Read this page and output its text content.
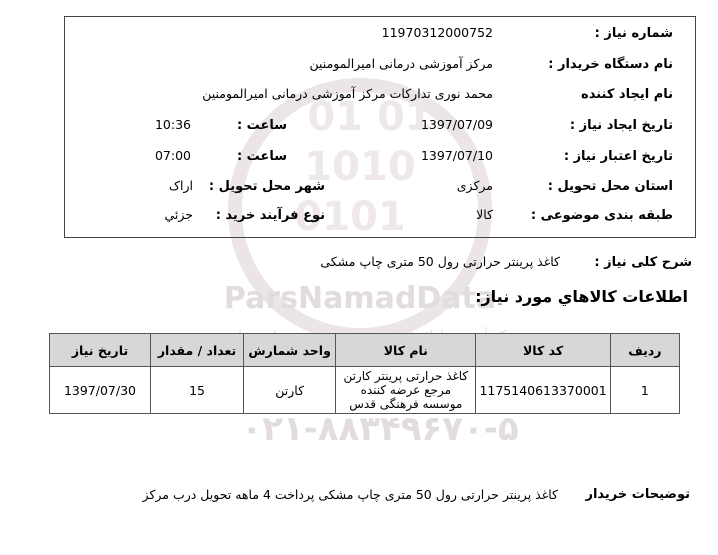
01 01
1010
0101
ParsNamadData
۰۲۱-۸۸۳۴۹۶۷۰-۵
شماره نیاز :
11970312000752
نام دستگاه خریدار :
مرکز آموزشی درمانی امیرالمومنین
نام ایجاد کننده
محمد نوری تدارکات مرکز آموزشی درمانی امیرالمومنین
تاریخ ایجاد نیاز :
1397/07/09
ساعت :
10:36
تاریخ اعتبار نیاز :
1397/07/10
ساعت :
07:00
استان محل تحویل :
مرکزی
شهر محل تحویل :
اراک
طبقه بندی موضوعی :
کالا
نوع فرآیند خرید :
جزئي
شرح کلی نیاز :
کاغذ پرینتر حرارتی رول 50 متری چاپ مشکی
اطلاعات كالاهاي مورد نياز:
ردیف	کد کالا	نام کالا	واحد شمارش	تعداد / مقدار	تاریخ نیاز
1	1175140613370001	کاغذ حرارتی پرینتر کارتن مرجع عرضه کننده موسسه فرهنگی قدس	کارتن	15	1397/07/30
توضیحات خریدار
کاغذ پرینتر حرارتی رول 50 متری چاپ مشکی پرداخت 4 ماهه تحویل درب مرکز
